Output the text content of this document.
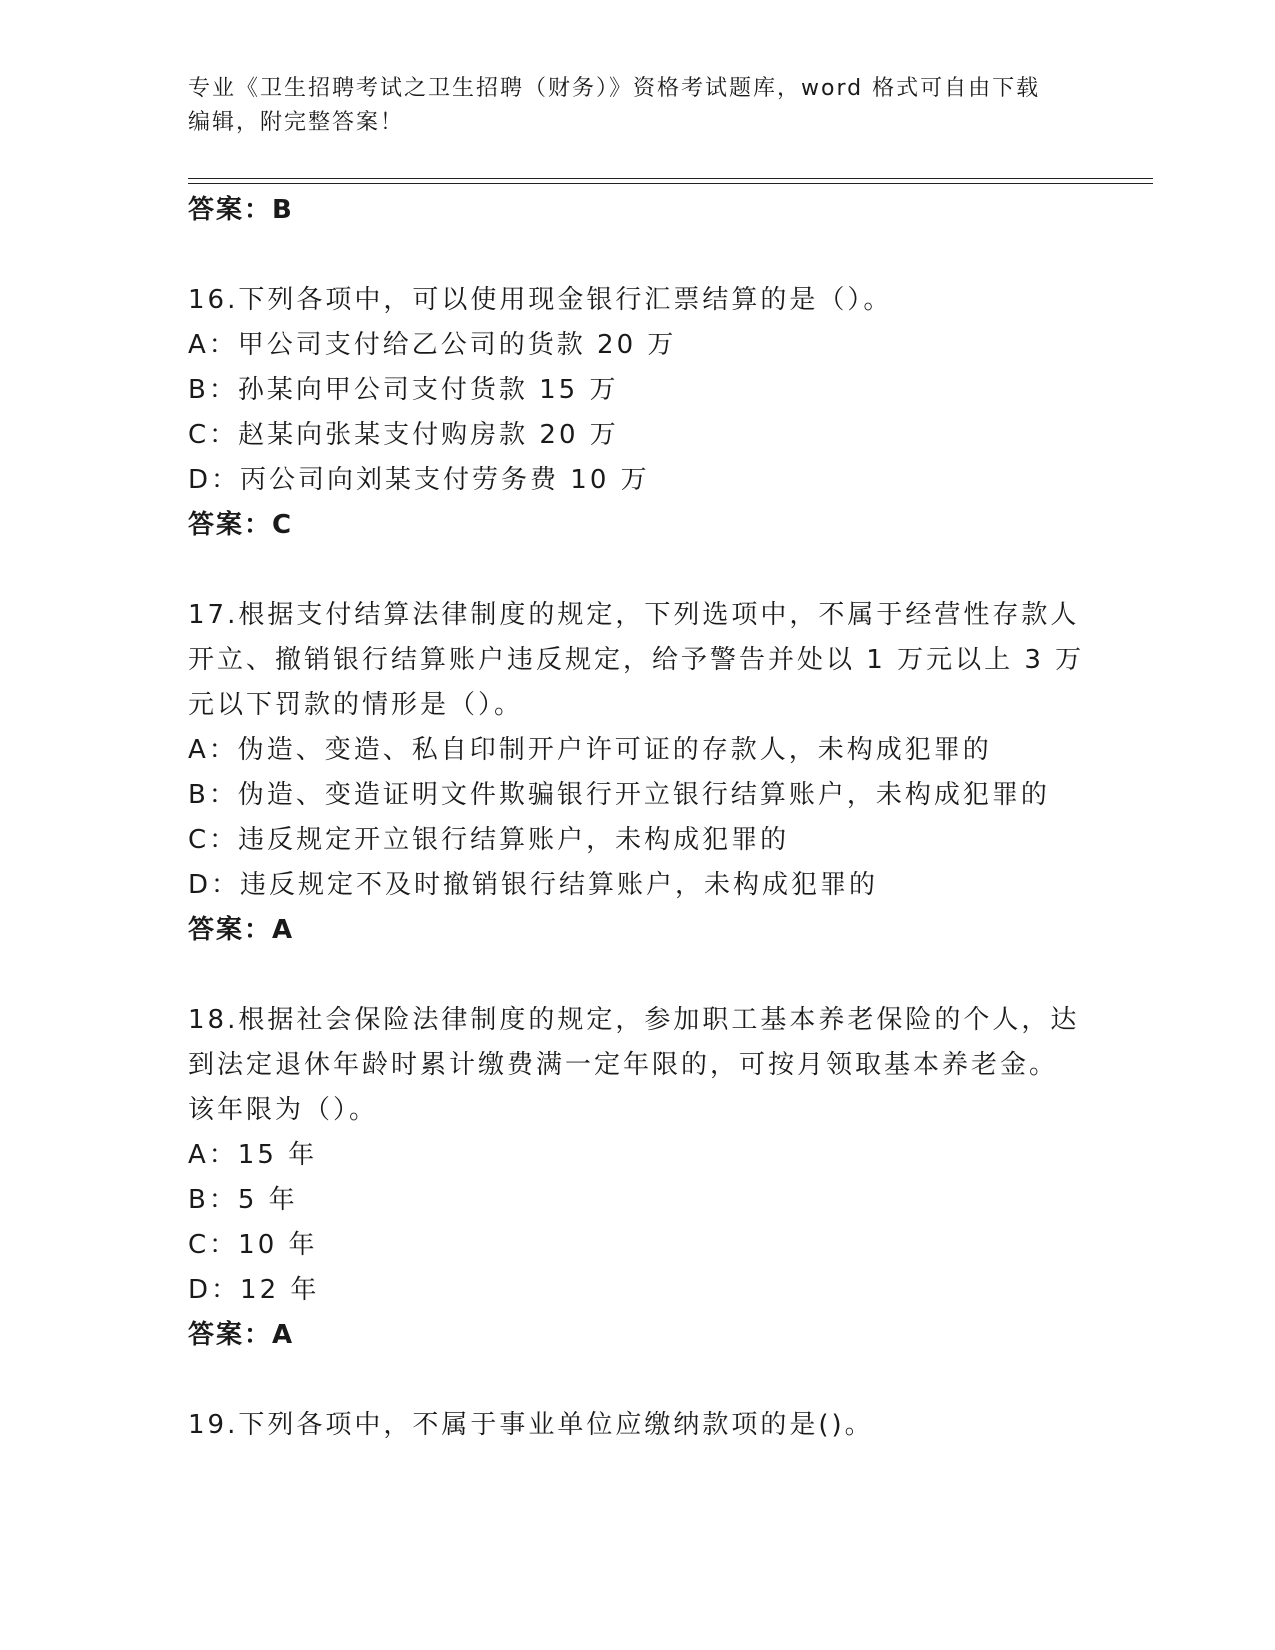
专业《卫生招聘考试之卫生招聘（财务）》资格考试题库，word 格式可自由下载
编辑，附完整答案！
答案：B
16.下列各项中，可以使用现金银行汇票结算的是（）。
A：甲公司支付给乙公司的货款 20 万
B：孙某向甲公司支付货款 15 万
C：赵某向张某支付购房款 20 万
D：丙公司向刘某支付劳务费 10 万
答案：C
17.根据支付结算法律制度的规定，下列选项中，不属于经营性存款人
开立、撤销银行结算账户违反规定，给予警告并处以 1 万元以上 3 万
元以下罚款的情形是（）。
A：伪造、变造、私自印制开户许可证的存款人，未构成犯罪的
B：伪造、变造证明文件欺骗银行开立银行结算账户，未构成犯罪的
C：违反规定开立银行结算账户，未构成犯罪的
D：违反规定不及时撤销银行结算账户，未构成犯罪的
答案：A
18.根据社会保险法律制度的规定，参加职工基本养老保险的个人，达
到法定退休年龄时累计缴费满一定年限的，可按月领取基本养老金。
该年限为（）。
A：15 年
B：5 年
C：10 年
D：12 年
答案：A
19.下列各项中，不属于事业单位应缴纳款项的是()。
